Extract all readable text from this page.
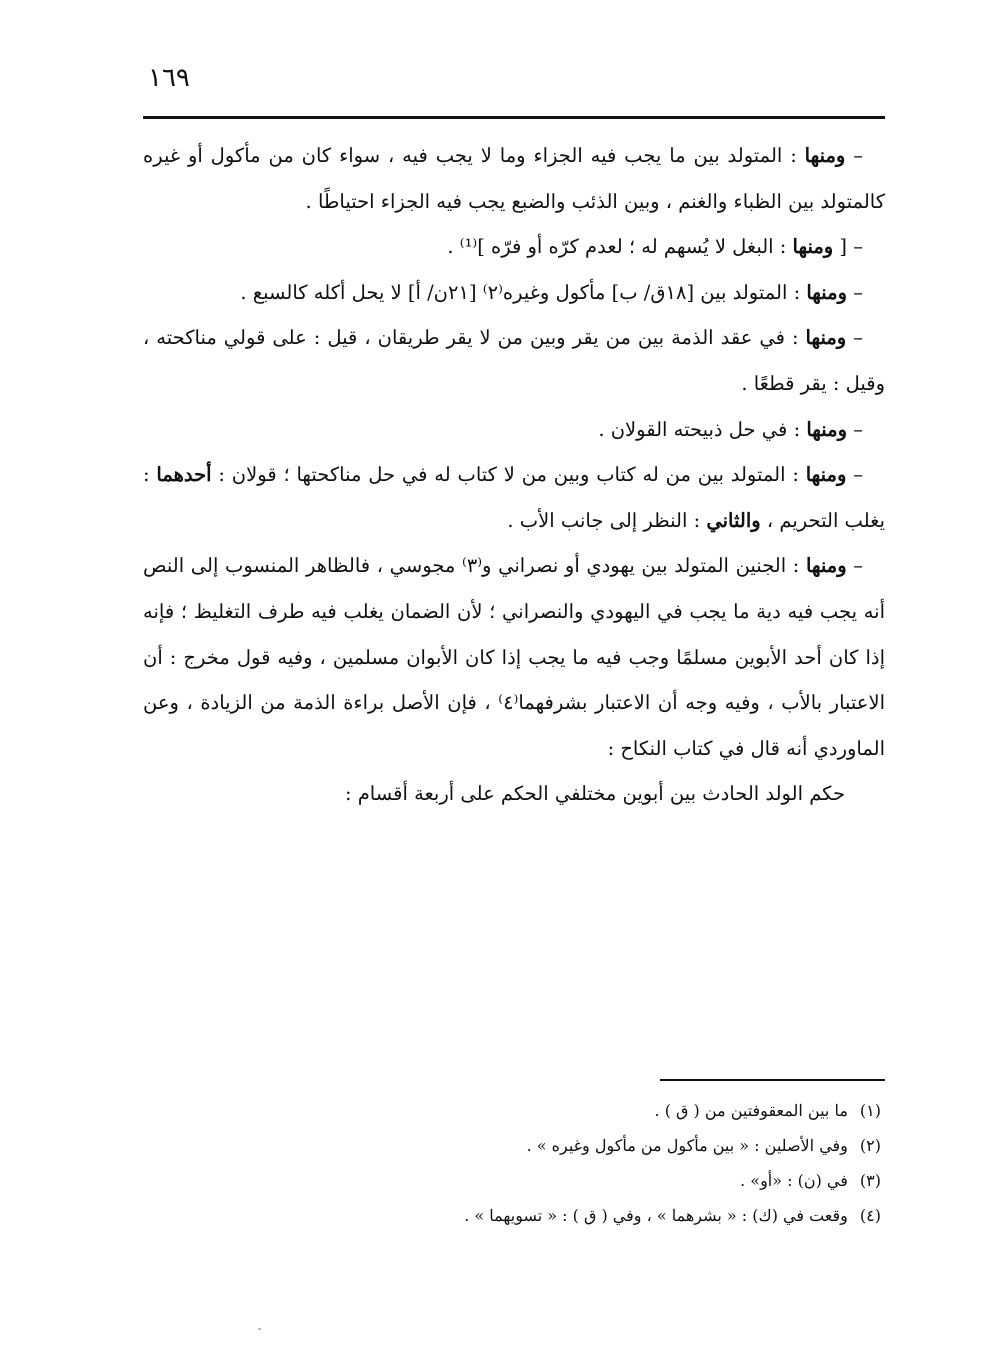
١٦٩

– ومنها : المتولد بين ما يجب فيه الجزاء وما لا يجب فيه ، سواء كان من مأكول أو غيره كالمتولد بين الظباء والغنم ، وبين الذئب والضبع يجب فيه الجزاء احتياطًا .

– [ ومنها : البغل لا يُسهم له ؛ لعدم كرّه أو فرّه ]⁽¹⁾ .

– ومنها : المتولد بين [١٨ق/ ب] مأكول وغيره⁽٢⁾ [٢١ن/ أ] لا يحل أكله كالسبع .

– ومنها : في عقد الذمة بين من يقر وبين من لا يقر طريقان ، قيل : على قولي مناكحته ، وقيل : يقر قطعًا .

– ومنها : في حل ذبيحته القولان .

– ومنها : المتولد بين من له كتاب وبين من لا كتاب له في حل مناكحتها ؛ قولان : أحدهما : يغلب التحريم ، والثاني : النظر إلى جانب الأب .

– ومنها : الجنين المتولد بين يهودي أو نصراني و⁽٣⁾ مجوسي ، فالظاهر المنسوب إلى النص أنه يجب فيه دية ما يجب في اليهودي والنصراني ؛ لأن الضمان يغلب فيه طرف التغليظ ؛ فإنه إذا كان أحد الأبوين مسلمًا وجب فيه ما يجب إذا كان الأبوان مسلمين ، وفيه قول مخرج : أن الاعتبار بالأب ، وفيه وجه أن الاعتبار بشرفهما⁽٤⁾ ، فإن الأصل براءة الذمة من الزيادة ، وعن الماوردي أنه قال في كتاب النكاح :

حكم الولد الحادث بين أبوين مختلفي الحكم على أربعة أقسام :

(١)ما بين المعقوفتين من ( ق ) .

(٢)وفي الأصلين : « بين مأكول من مأكول وغيره » .

(٣)في (ن) : «أو» .

(٤)وقعت في (ك) : « بشرهما » ، وفي ( ق ) : « تسويهما » .
